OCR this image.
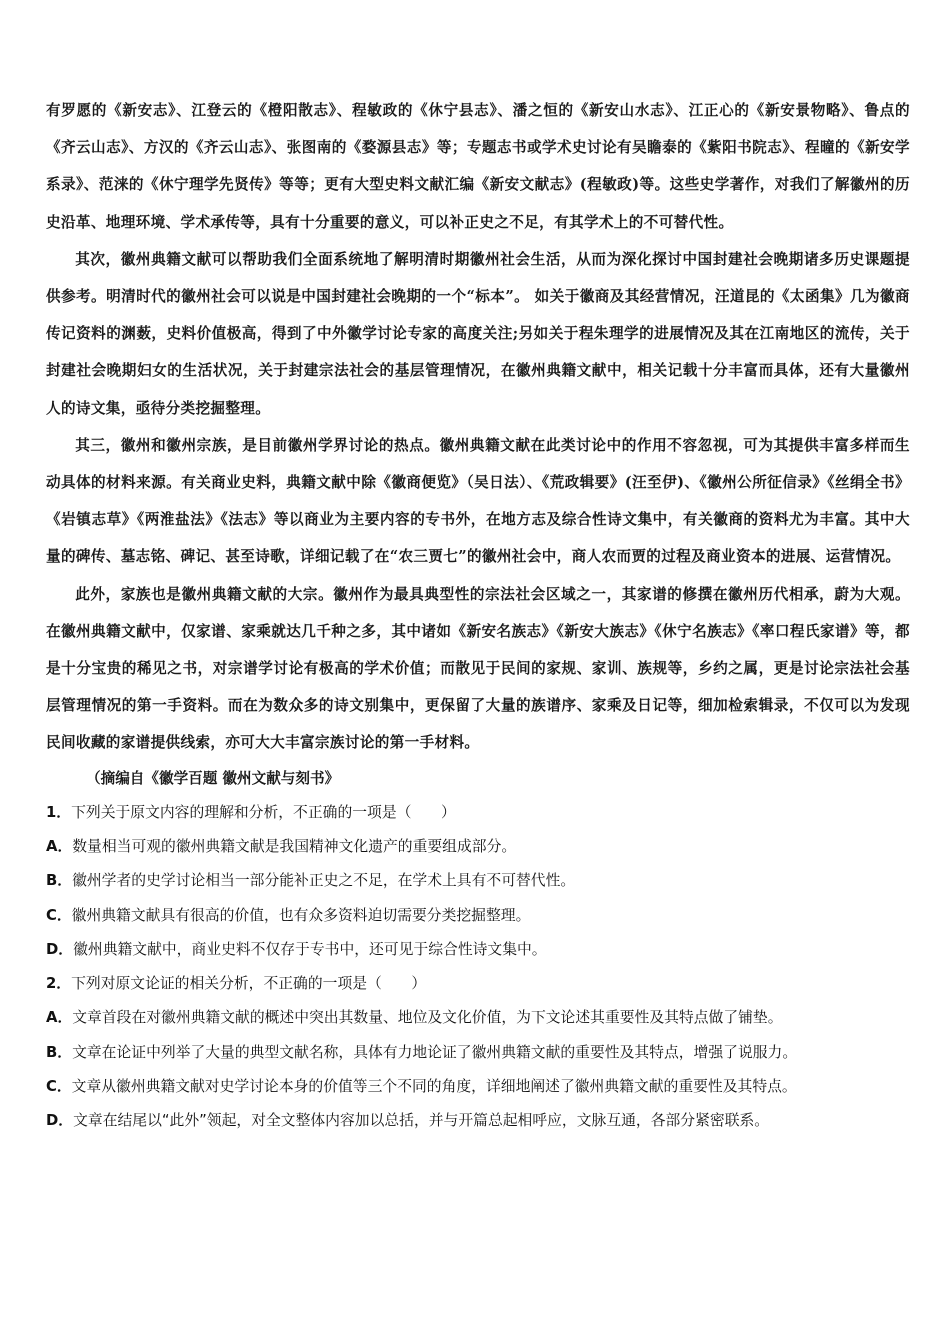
有罗愿的《新安志》、江登云的《橙阳散志》、程敏政的《休宁县志》、潘之恒的《新安山水志》、江正心的《新安景物略》、鲁点的《齐云山志》、方汉的《齐云山志》、张图南的《婺源县志》等；专题志书或学术史讨论有吴瞻泰的《紫阳书院志》、程曈的《新安学系录》、范涞的《休宁理学先贤传》等等；更有大型史料文献汇编《新安文献志》(程敏政)等。这些史学著作，对我们了解徽州的历史沿革、地理环境、学术承传等，具有十分重要的意义，可以补正史之不足，有其学术上的不可替代性。

其次，徽州典籍文献可以帮助我们全面系统地了解明清时期徽州社会生活，从而为深化探讨中国封建社会晚期诸多历史课题提供参考。明清时代的徽州社会可以说是中国封建社会晚期的一个“标本”。 如关于徽商及其经营情况，汪道昆的《太函集》几为徽商传记资料的渊薮，史料价值极高，得到了中外徽学讨论专家的高度关注;另如关于程朱理学的进展情况及其在江南地区的流传，关于封建社会晚期妇女的生活状况，关于封建宗法社会的基层管理情况，在徽州典籍文献中，相关记载十分丰富而具体，还有大量徽州人的诗文集，亟待分类挖掘整理。

其三，徽州和徽州宗族，是目前徽州学界讨论的热点。徽州典籍文献在此类讨论中的作用不容忽视，可为其提供丰富多样而生动具体的材料来源。有关商业史料，典籍文献中除《徽商便览》（吴日法）、《荒政辑要》(汪至伊)、《徽州公所征信录》《丝绢全书》《岩镇志草》《两淮盐法》《法志》等以商业为主要内容的专书外，在地方志及综合性诗文集中，有关徽商的资料尤为丰富。其中大量的碑传、墓志铭、碑记、甚至诗歌，详细记载了在“农三贾七”的徽州社会中，商人农而贾的过程及商业资本的进展、运营情况。

此外，家族也是徽州典籍文献的大宗。徽州作为最具典型性的宗法社会区域之一，其家谱的修撰在徽州历代相承，蔚为大观。在徽州典籍文献中，仅家谱、家乘就达几千种之多，其中诸如《新安名族志》《新安大族志》《休宁名族志》《率口程氏家谱》等，都是十分宝贵的稀见之书，对宗谱学讨论有极高的学术价值；而散见于民间的家规、家训、族规等，乡约之属，更是讨论宗法社会基层管理情况的第一手资料。而在为数众多的诗文别集中，更保留了大量的族谱序、家乘及日记等，细加检索辑录，不仅可以为发现民间收藏的家谱提供线索，亦可大大丰富宗族讨论的第一手材料。

（摘编自《徽学百题 徽州文献与刻书》
1．下列关于原文内容的理解和分析，不正确的一项是（　　）
A．数量相当可观的徽州典籍文献是我国精神文化遗产的重要组成部分。
B．徽州学者的史学讨论相当一部分能补正史之不足，在学术上具有不可替代性。
C．徽州典籍文献具有很高的价值，也有众多资料迫切需要分类挖掘整理。
D．徽州典籍文献中，商业史料不仅存于专书中，还可见于综合性诗文集中。
2．下列对原文论证的相关分析，不正确的一项是（　　）
A．文章首段在对徽州典籍文献的概述中突出其数量、地位及文化价值，为下文论述其重要性及其特点做了铺垫。
B．文章在论证中列举了大量的典型文献名称，具体有力地论证了徽州典籍文献的重要性及其特点，增强了说服力。
C．文章从徽州典籍文献对史学讨论本身的价值等三个不同的角度，详细地阐述了徽州典籍文献的重要性及其特点。
D．文章在结尾以“此外”领起，对全文整体内容加以总括，并与开篇总起相呼应，文脉互通，各部分紧密联系。
